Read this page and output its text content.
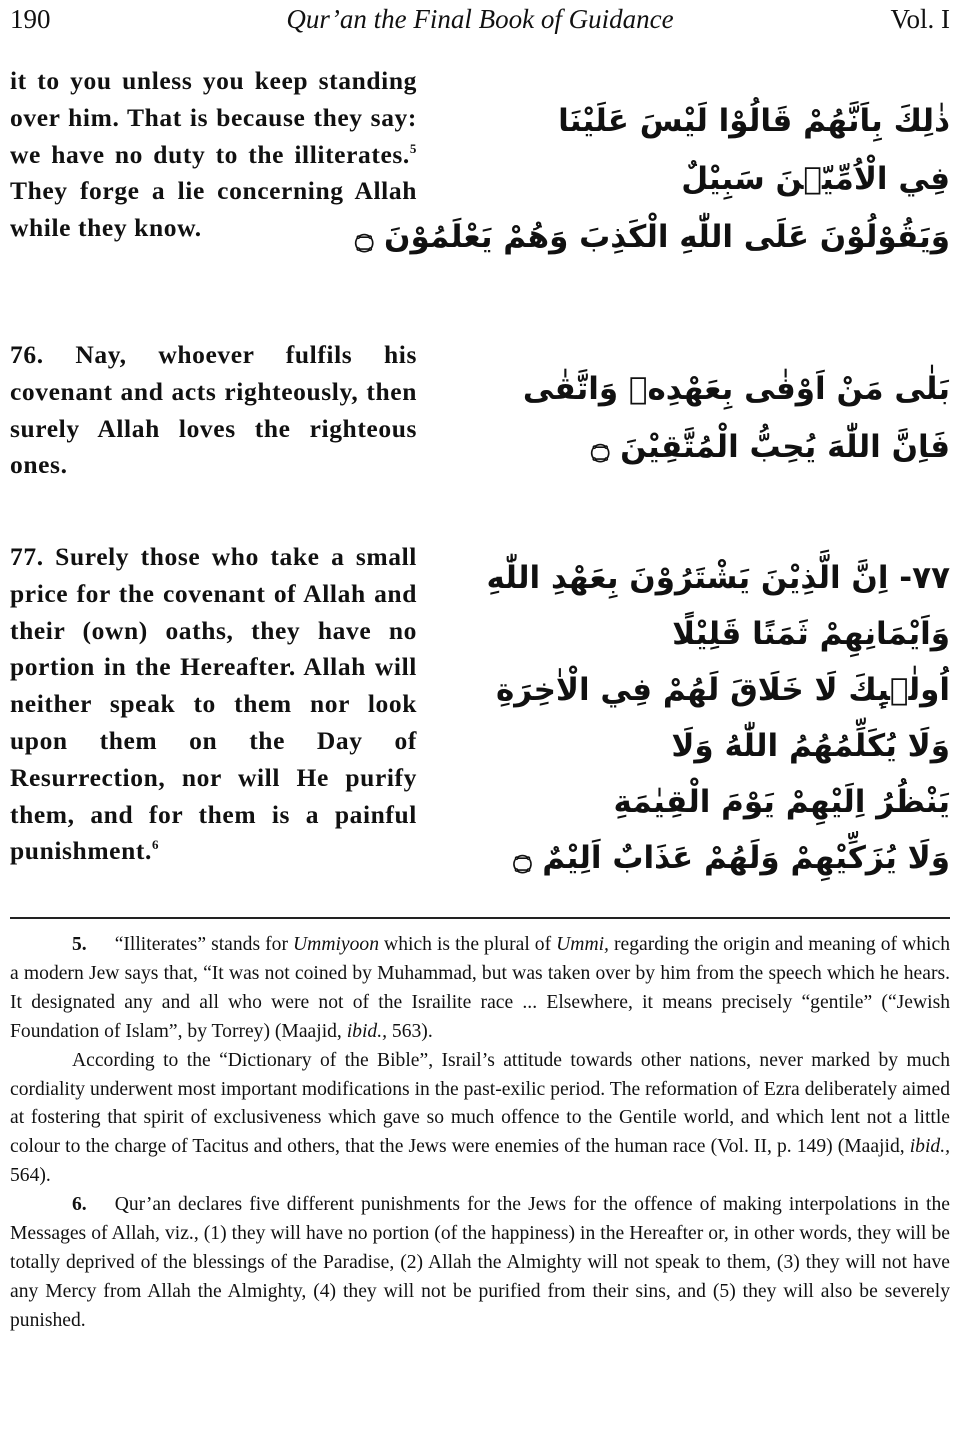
190	Qur’an the Final Book of Guidance	Vol. I
it to you unless you keep standing over him. That is because they say: we have no duty to the illiterates.$^5$ They forge a lie concerning Allah while they know.
ذٰلِكَ بِاَنَّهُمْ قَالُوْا لَيْسَ عَلَيْنَا
فِي الْاُمِّيّٖنَ سَبِيْلٌ
وَيَقُوْلُوْنَ عَلَى اللّٰهِ الْكَذِبَ وَهُمْ يَعْلَمُوْنَ ۝
76. Nay, whoever fulfils his covenant and acts righteously, then surely Allah loves the righteous ones.
بَلٰى مَنْ اَوْفٰى بِعَهْدِهٖ وَاتَّقٰى
فَاِنَّ اللّٰهَ يُحِبُّ الْمُتَّقِيْنَ ۝
77. Surely those who take a small price for the covenant of Allah and their (own) oaths, they have no portion in the Hereafter. Allah will neither speak to them nor look upon them on the Day of Resurrection, nor will He purify them, and for them is a painful punishment.$^6$
٧٧- اِنَّ الَّذِيْنَ يَشْتَرُوْنَ بِعَهْدِ اللّٰهِ
وَاَيْمَانِهِمْ ثَمَنًا قَلِيْلًا
اُولٰۗىِٕكَ لَا خَلَاقَ لَهُمْ فِي الْاٰخِرَةِ
وَلَا يُكَلِّمُهُمُ اللّٰهُ وَلَا
يَنْظُرُ اِلَيْهِمْ يَوْمَ الْقِيٰمَةِ
وَلَا يُزَكِّيْهِمْ وَلَهُمْ عَذَابٌ اَلِيْمٌ ۝

5. “Illiterates” stands for Ummiyoon which is the plural of Ummi, regarding the origin and meaning of which a modern Jew says that, “It was not coined by Muhammad, but was taken over by him from the speech which he hears. It designated any and all who were not of the Israilite race ... Elsewhere, it means precisely “gentile” (“Jewish Foundation of Islam”, by Torrey) (Maajid, ibid., 563).

According to the “Dictionary of the Bible”, Israil’s attitude towards other nations, never marked by much cordiality underwent most important modifications in the past-exilic period. The reformation of Ezra deliberately aimed at fostering that spirit of exclusiveness which gave so much offence to the Gentile world, and which lent not a little colour to the charge of Tacitus and others, that the Jews were enemies of the human race (Vol. II, p. 149) (Maajid, ibid., 564).

6. Qur’an declares five different punishments for the Jews for the offence of making interpolations in the Messages of Allah, viz., (1) they will have no portion (of the happiness) in the Hereafter or, in other words, they will be totally deprived of the blessings of the Paradise, (2) Allah the Almighty will not speak to them, (3) they will not have any Mercy from Allah the Almighty, (4) they will not be purified from their sins, and (5) they will also be severely punished.
